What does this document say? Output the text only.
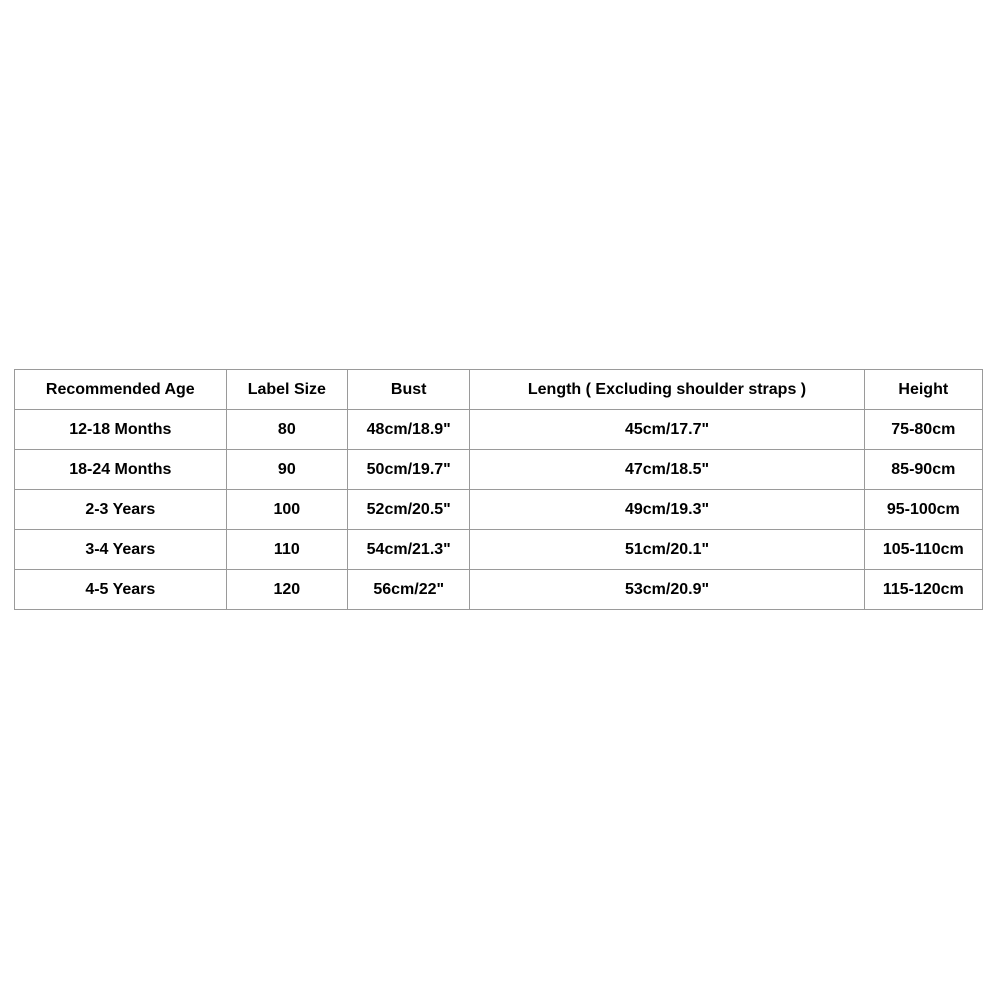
Recommended Age	Label Size	Bust	Length ( Excluding shoulder straps )	Height
12-18 Months	80	48cm/18.9"	45cm/17.7"	75-80cm
18-24 Months	90	50cm/19.7"	47cm/18.5"	85-90cm
2-3 Years	100	52cm/20.5"	49cm/19.3"	95-100cm
3-4 Years	110	54cm/21.3"	51cm/20.1"	105-110cm
4-5 Years	120	56cm/22"	53cm/20.9"	115-120cm
